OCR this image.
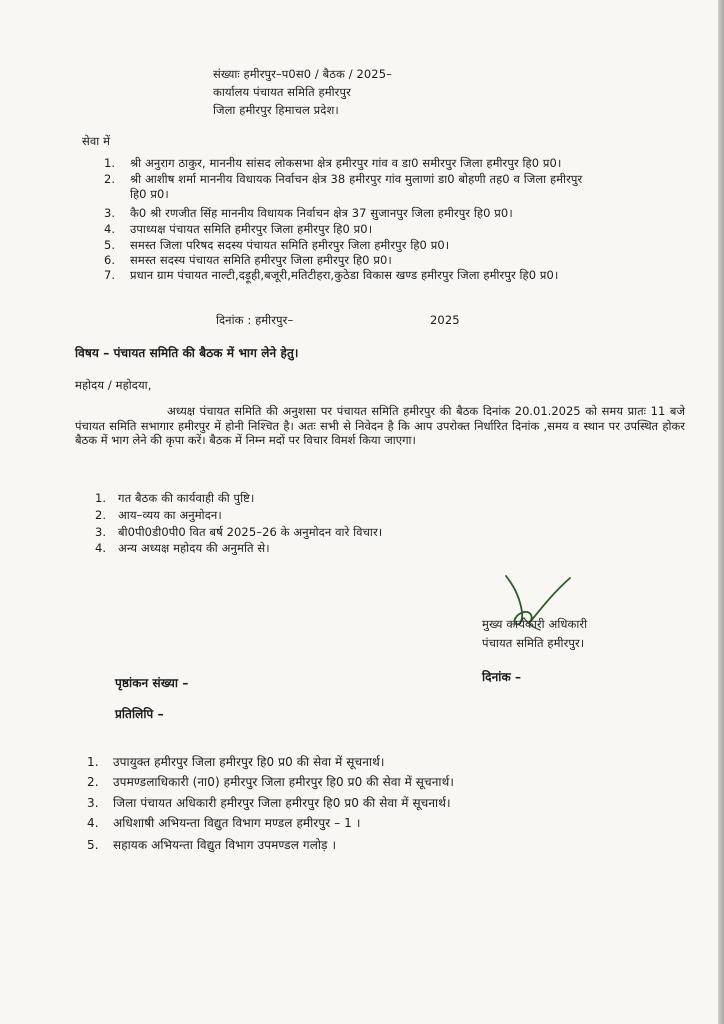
संख्याः हमीरपुर–प0स0 / बैठक / 2025–
कार्यालय पंचायत समिति हमीरपुर
जिला हमीरपुर हिमाचल प्रदेश।
सेवा में
1. श्री अनुराग ठाकुर, माननीय सांसद लोकसभा क्षेत्र हमीरपुर गांव व डा0 समीरपुर जिला हमीरपुर हि0 प्र0।
2. श्री आशीष शर्मा माननीय विधायक निर्वाचन क्षेत्र 38 हमीरपुर गांव मुलाणां डा0 बोहणी तह0 व जिला हमीरपुर
हि0 प्र0।
3. कै0 श्री रणजीत सिंह माननीय विधायक निर्वाचन क्षेत्र 37 सुजानपुर जिला हमीरपुर हि0 प्र0।
4. उपाध्यक्ष पंचायत समिति हमीरपुर जिला हमीरपुर हि0 प्र0।
5. समस्त जिला परिषद सदस्य पंचायत समिति हमीरपुर जिला हमीरपुर हि0 प्र0।
6. समस्त सदस्य पंचायत समिति हमीरपुर जिला हमीरपुर हि0 प्र0।
7. प्रधान ग्राम पंचायत नाल्टी,दड़ूही,बजूरी,मतिटीहरा,कुठेडा विकास खण्ड हमीरपुर जिला हमीरपुर हि0 प्र0।
दिनांक : हमीरपुर–	2025
विषय – पंचायत समिति की बैठक में भाग लेने हेतु।
महोदय / महोदया,
अध्यक्ष पंचायत समिति की अनुशसा पर पंचायत समिति हमीरपुर की बैठक दिनांक 20.01.2025 को समय प्रातः 11 बजे पंचायत समिति सभागार हमीरपुर में होनी निश्चित है। अतः सभी से निवेदन है कि आप उपरोक्त निर्धारित दिनांक ,समय व स्थान पर उपस्थित होकर बैठक में भाग लेने की कृपा करें। बैठक में निम्न मदों पर विचार विमर्श किया जाएगा।
1. गत बैठक की कार्यवाही की पुष्टि।
2. आय–व्यय का अनुमोदन।
3. बी0पी0डी0पी0 वित बर्ष 2025–26 के अनुमोदन वारे विचार।
4. अन्य अध्यक्ष महोदय की अनुमति से।
मुख्य कार्यकारी अधिकारी
पंचायत समिति हमीरपुर।
पृष्ठांकन संख्या –	दिनांक –
प्रतिलिपि –
1. उपायुक्त हमीरपुर जिला हमीरपुर हि0 प्र0 की सेवा में सूचनार्थ।
2. उपमण्डलाधिकारी (ना0) हमीरपुर जिला हमीरपुर हि0 प्र0 की सेवा में सूचनार्थ।
3. जिला पंचायत अधिकारी हमीरपुर जिला हमीरपुर हि0 प्र0 की सेवा में सूचनार्थ।
4. अधिशाषी अभियन्ता विद्युत विभाग मण्डल हमीरपुर – 1 ।
5. सहायक अभियन्ता विद्युत विभाग उपमण्डल गलोड़ ।
